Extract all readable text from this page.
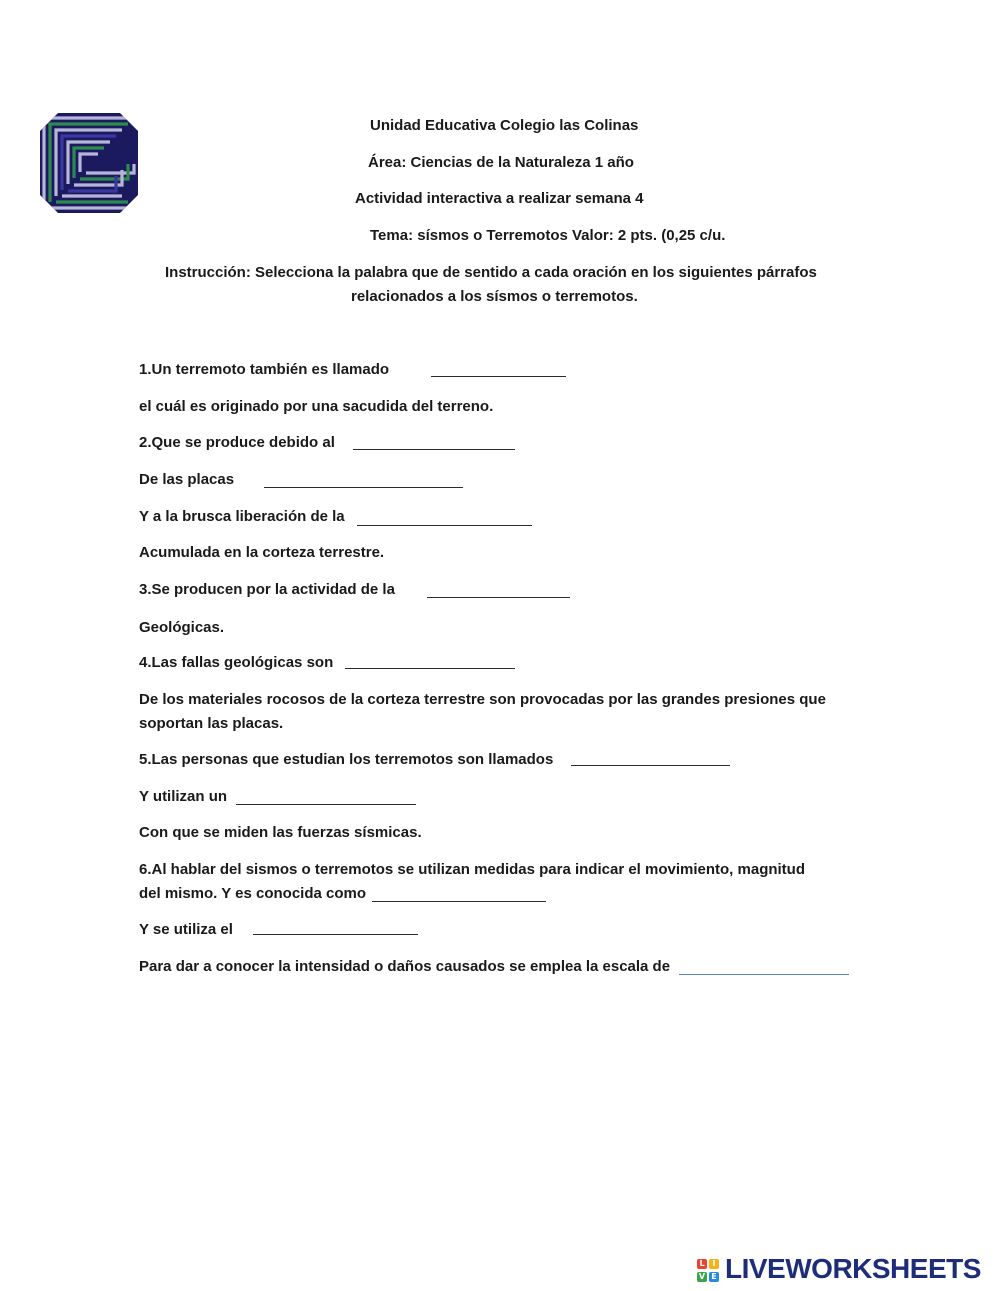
Unidad Educativa Colegio las Colinas
Área: Ciencias de la Naturaleza 1 año
Actividad interactiva a realizar semana 4
Tema: sísmos o Terremotos Valor: 2 pts. (0,25 c/u.
Instrucción: Selecciona la palabra que de sentido a cada oración en los siguientes párrafos
relacionados a los sísmos o terremotos.
1.Un terremoto también es llamado
el cuál es originado por una sacudida del terreno.
2.Que se produce debido al
De las placas
Y a la brusca liberación de la
Acumulada en la corteza terrestre.
3.Se producen por la actividad de la
Geológicas.
4.Las fallas geológicas son
De los materiales rocosos de la corteza terrestre son provocadas por las grandes presiones que
soportan las placas.
5.Las personas que estudian los terremotos son llamados
Y utilizan un
Con que se miden las fuerzas sísmicas.
6.Al hablar del sismos o terremotos se utilizan medidas para indicar el movimiento, magnitud
del mismo. Y es conocida como
Y se utiliza el
Para dar a conocer la intensidad o daños causados se emplea la escala de
L I
V E LIVEWORKSHEETS
